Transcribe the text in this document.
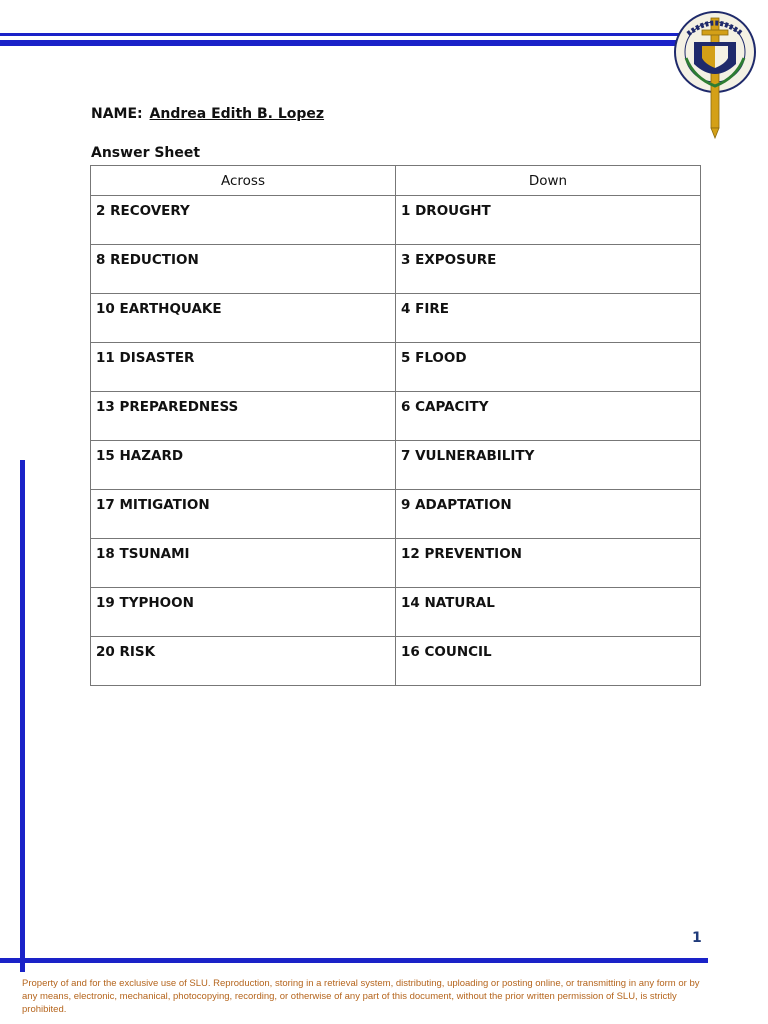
NAME: Andrea Edith B. Lopez
Answer Sheet
Across	Down
2 RECOVERY	1 DROUGHT
8 REDUCTION	3 EXPOSURE
10 EARTHQUAKE	4 FIRE
11 DISASTER	5 FLOOD
13 PREPAREDNESS	6 CAPACITY
15 HAZARD	7 VULNERABILITY
17 MITIGATION	9 ADAPTATION
18 TSUNAMI	12 PREVENTION
19 TYPHOON	14 NATURAL
20 RISK	16 COUNCIL
1
Property of and for the exclusive use of SLU. Reproduction, storing in a retrieval system, distributing, uploading or posting online, or transmitting in any form or by any means, electronic, mechanical, photocopying, recording, or otherwise of any part of this document, without the prior written permission of SLU, is strictly prohibited.
